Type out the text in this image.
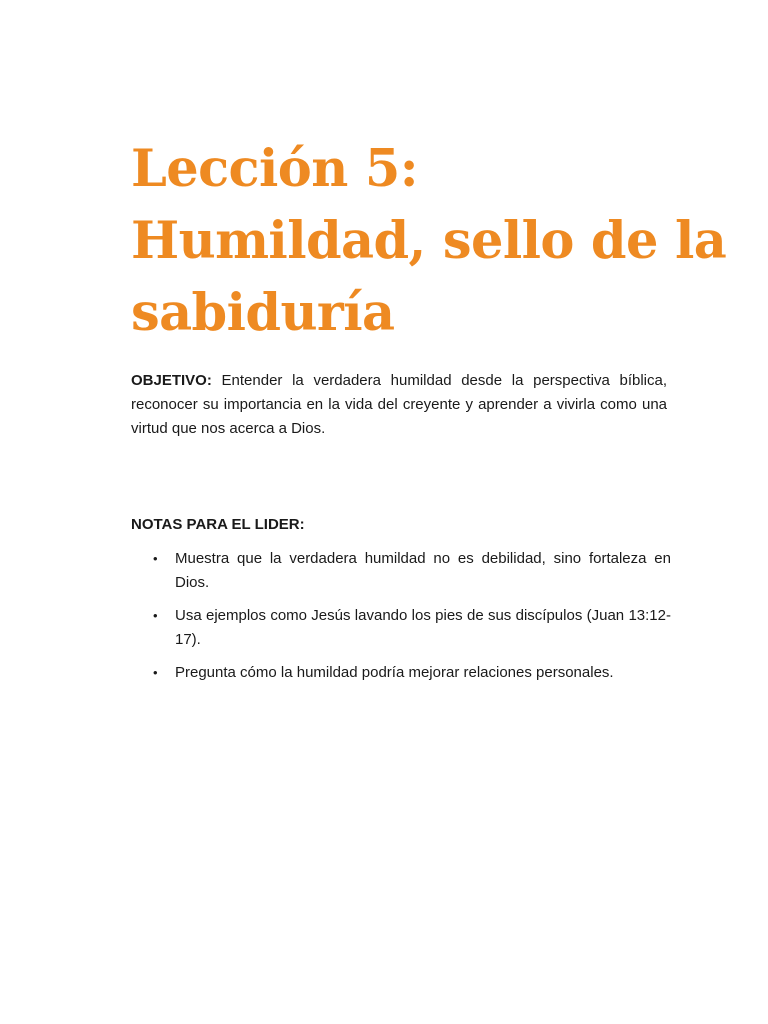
Lección 5:
Humildad, sello de la
sabiduría

OBJETIVO: Entender la verdadera humildad desde la perspectiva bíblica, reconocer su importancia en la vida del creyente y aprender a vivirla como una virtud que nos acerca a Dios.

NOTAS PARA EL LIDER:
• Muestra que la verdadera humildad no es debilidad, sino fortaleza en Dios.
• Usa ejemplos como Jesús lavando los pies de sus discípulos (Juan 13:12-17).
• Pregunta cómo la humildad podría mejorar relaciones personales.
